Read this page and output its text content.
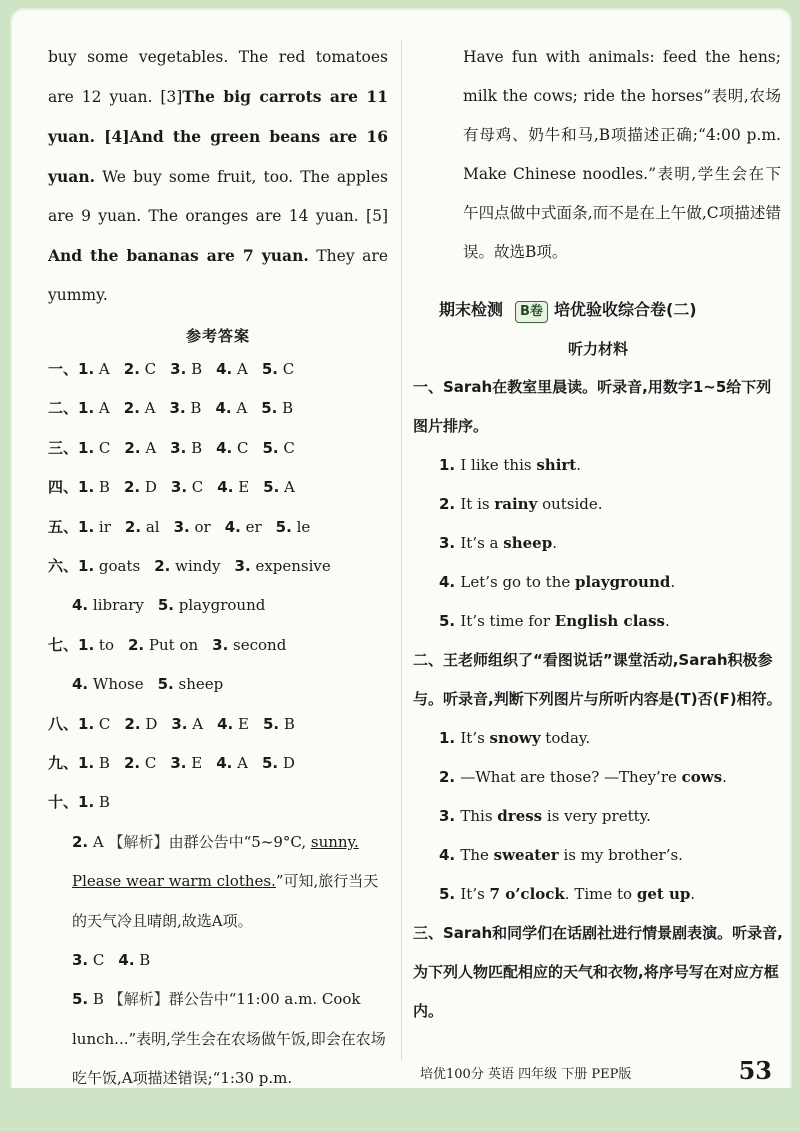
buy some vegetables. The red tomatoes are 12 yuan. [3]The big carrots are 11 yuan. [4]And the green beans are 16 yuan. We buy some fruit, too. The apples are 9 yuan. The oranges are 14 yuan. [5] And the bananas are 7 yuan. They are yummy.
参考答案
一、1. A 2. C 3. B 4. A 5. C
二、1. A 2. A 3. B 4. A 5. B
三、1. C 2. A 3. B 4. C 5. C
四、1. B 2. D 3. C 4. E 5. A
五、1. ir 2. al 3. or 4. er 5. le
六、1. goats 2. windy 3. expensive
4. library 5. playground
七、1. to 2. Put on 3. second
4. Whose 5. sheep
八、1. C 2. D 3. A 4. E 5. B
九、1. B 2. C 3. E 4. A 5. D
十、1. B
2. A 【解析】由群公告中“5~9°C, sunny. Please wear warm clothes.”可知,旅行当天的天气冷且晴朗,故选A项。
3. C 4. B
5. B 【解析】群公告中“11:00 a.m. Cook lunch...”表明,学生会在农场做午饭,即会在农场吃午饭,A项描述错误;“1:30 p.m.
Have fun with animals: feed the hens; milk the cows; ride the horses”表明,农场有母鸡、奶牛和马,B项描述正确;“4:00 p.m. Make Chinese noodles.”表明,学生会在下午四点做中式面条,而不是在上午做,C项描述错误。故选B项。
期末检测 B卷 培优验收综合卷(二)
听力材料
一、Sarah在教室里晨读。听录音,用数字1~5给下列图片排序。
1. I like this shirt.
2. It is rainy outside.
3. It’s a sheep.
4. Let’s go to the playground.
5. It’s time for English class.
二、王老师组织了“看图说话”课堂活动,Sarah积极参与。听录音,判断下列图片与所听内容是(T)否(F)相符。
1. It’s snowy today.
2. —What are those? —They’re cows.
3. This dress is very pretty.
4. The sweater is my brother’s.
5. It’s 7 o’clock. Time to get up.
三、Sarah和同学们在话剧社进行情景剧表演。听录音,为下列人物匹配相应的天气和衣物,将序号写在对应方框内。
培优100分 英语 四年级 下册 PEP版	53
